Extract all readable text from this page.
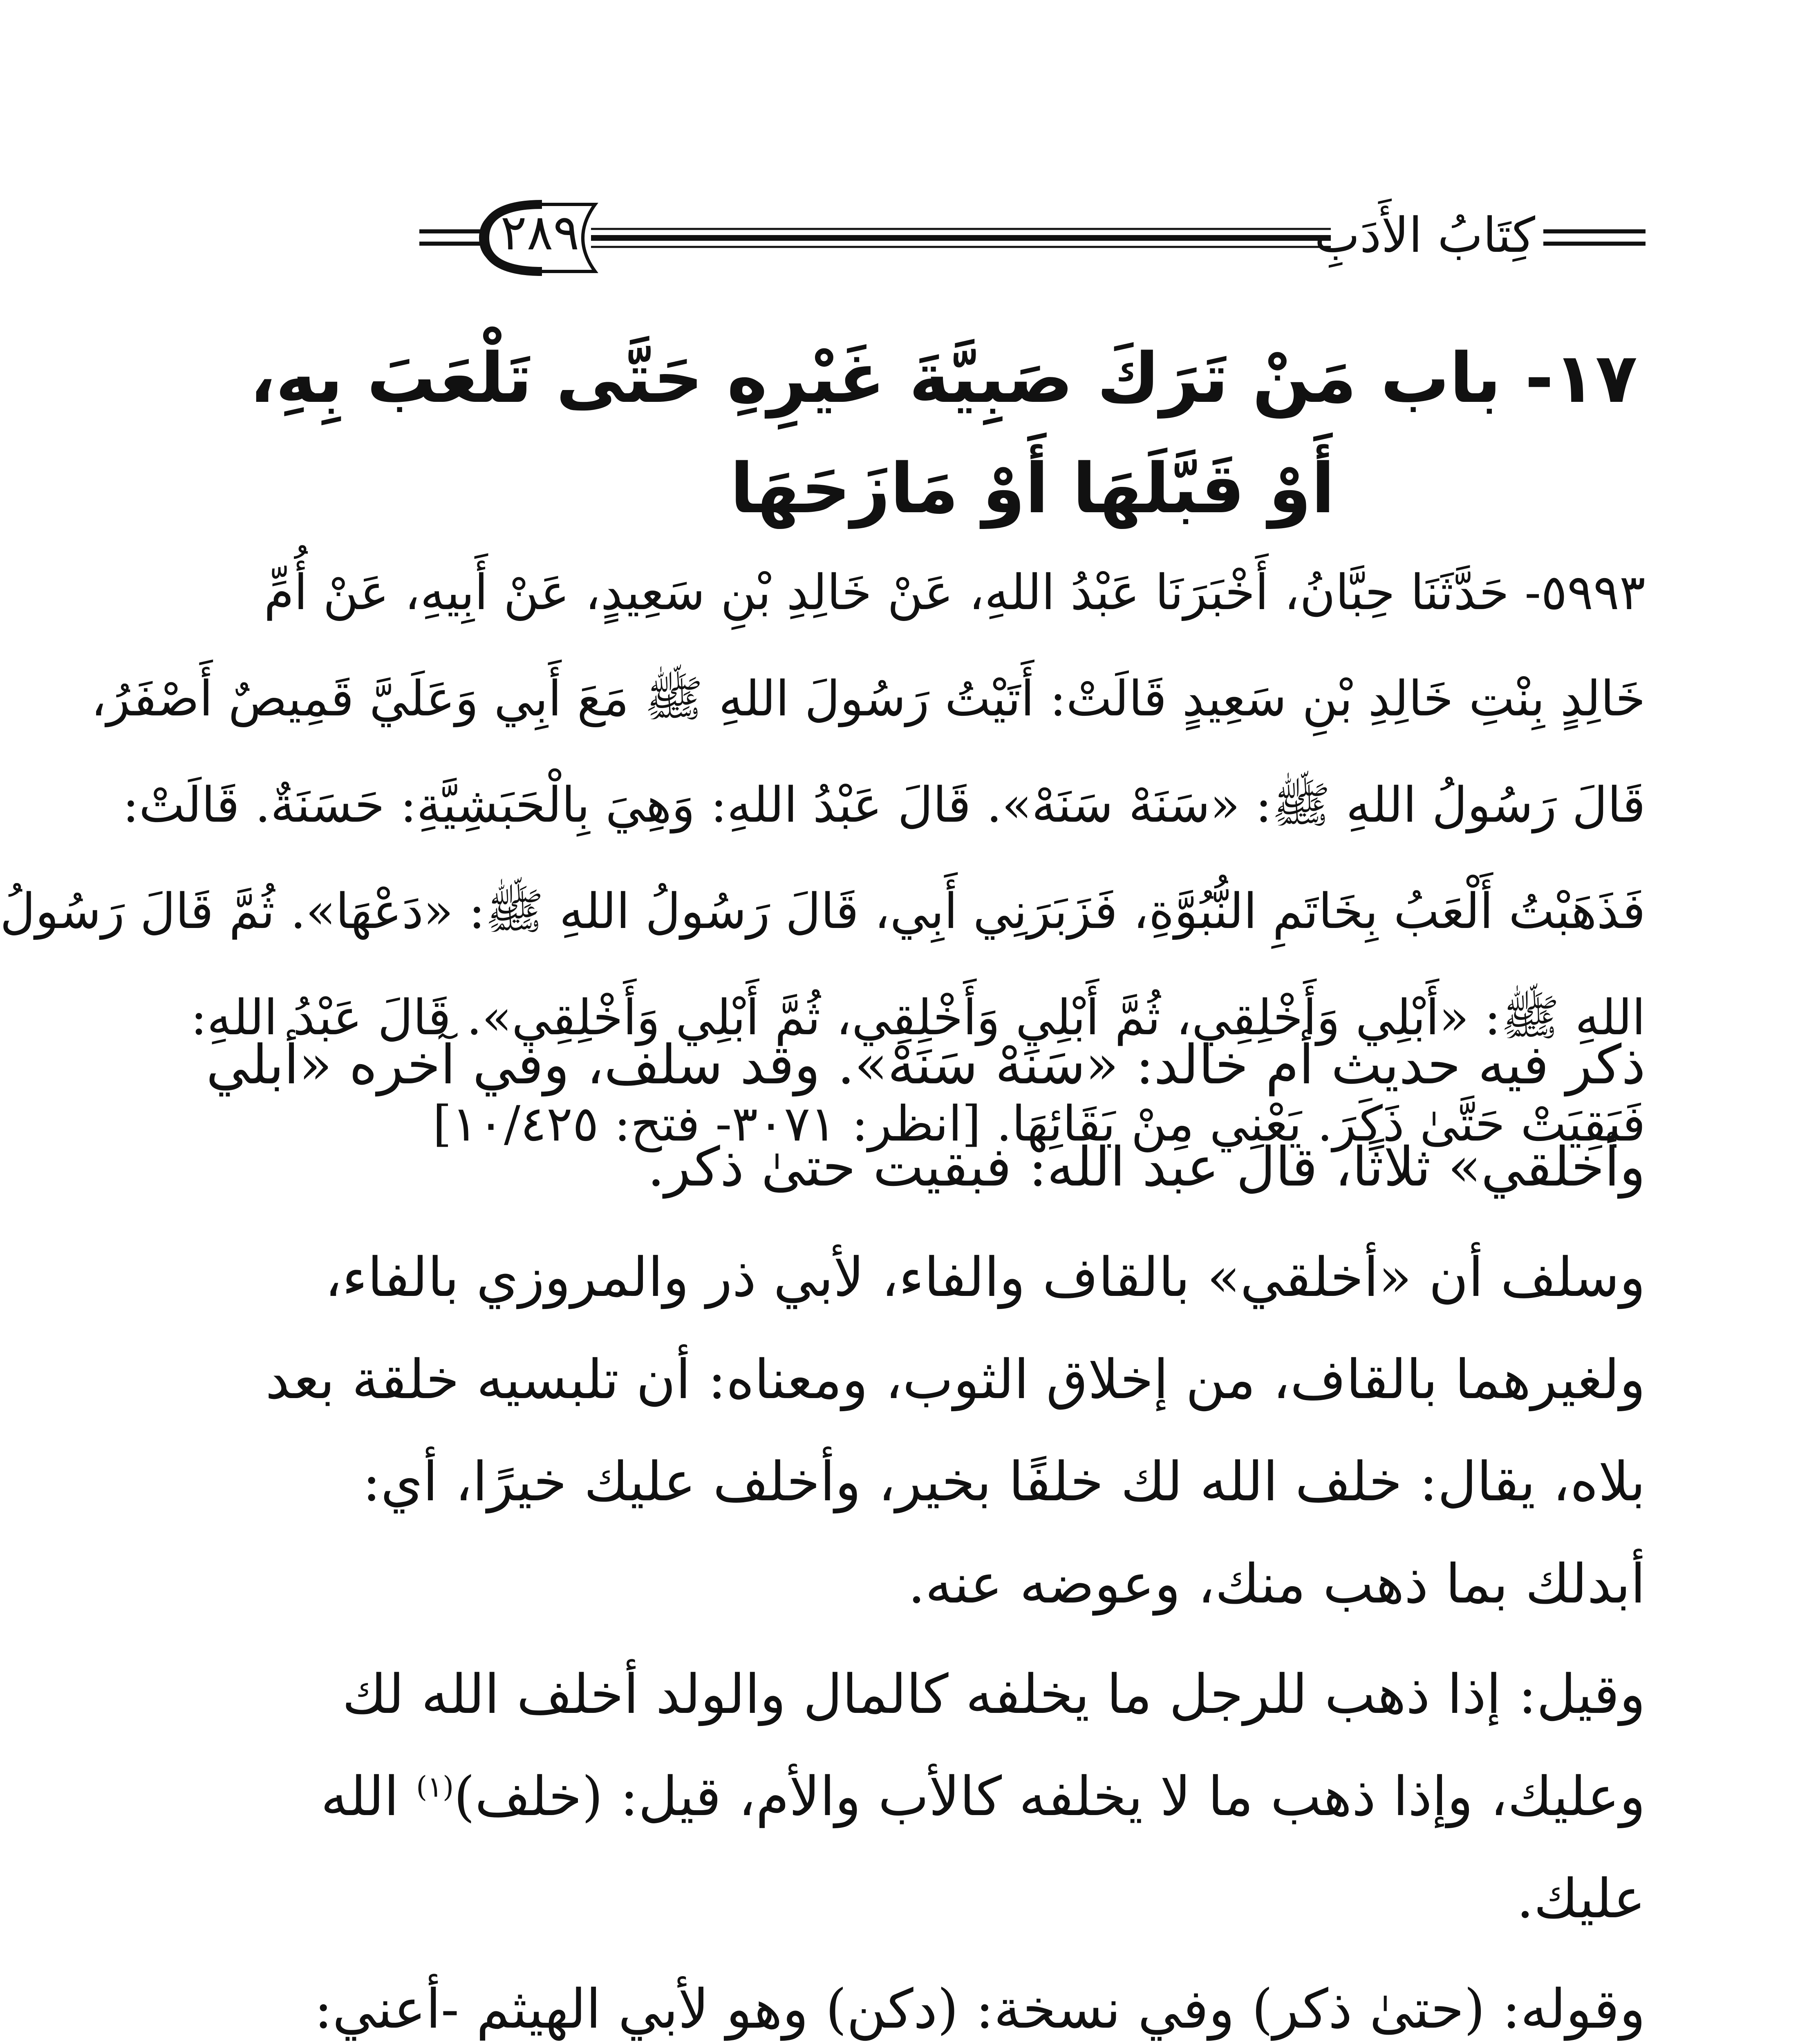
كِتَابُ الأَدَبِ
٢٨٩
١٧- باب مَنْ تَرَكَ صَبِيَّةَ غَيْرِهِ حَتَّى تَلْعَبَ بِهِ،
أَوْ قَبَّلَهَا أَوْ مَازَحَهَا
٥٩٩٣- حَدَّثَنَا حِبَّانُ، أَخْبَرَنَا عَبْدُ اللهِ، عَنْ خَالِدِ بْنِ سَعِيدٍ، عَنْ أَبِيهِ، عَنْ أُمِّ
خَالِدٍ بِنْتِ خَالِدِ بْنِ سَعِيدٍ قَالَتْ: أَتَيْتُ رَسُولَ اللهِ ﷺ مَعَ أَبِي وَعَلَيَّ قَمِيصٌ أَصْفَرُ،
قَالَ رَسُولُ اللهِ ﷺ: «سَنَهْ سَنَهْ». قَالَ عَبْدُ اللهِ: وَهِيَ بِالْحَبَشِيَّةِ: حَسَنَةٌ. قَالَتْ:
فَذَهَبْتُ أَلْعَبُ بِخَاتَمِ النُّبُوَّةِ، فَزَبَرَنِي أَبِي، قَالَ رَسُولُ اللهِ ﷺ: «دَعْهَا». ثُمَّ قَالَ رَسُولُ
اللهِ ﷺ: «أَبْلِي وَأَخْلِقِي، ثُمَّ أَبْلِي وَأَخْلِقِي، ثُمَّ أَبْلِي وَأَخْلِقِي». قَالَ عَبْدُ اللهِ:
فَبَقِيَتْ حَتَّىٰ ذَكَرَ. يَعْنِي مِنْ بَقَائِهَا. [انظر: ٣٠٧١- فتح: ١٠/٤٢٥]
ذكر فيه حديث أم خالد: «سَنَهْ سَنَهْ». وقد سلف، وفي آخره «أبلي
وأخلقي» ثلاثًا، قال عبد الله: فبقيت حتىٰ ذكر.
وسلف أن «أخلقي» بالقاف والفاء، لأبي ذر والمروزي بالفاء،
ولغيرهما بالقاف، من إخلاق الثوب، ومعناه: أن تلبسيه خلقة بعد
بلاه، يقال: خلف الله لك خلفًا بخير، وأخلف عليك خيرًا، أي:
أبدلك بما ذهب منك، وعوضه عنه.
وقيل: إذا ذهب للرجل ما يخلفه كالمال والولد أخلف الله لك
وعليك، وإذا ذهب ما لا يخلفه كالأب والأم، قيل: (خلف)$^{(١)}$ الله
عليك.
وقوله: (حتىٰ ذكر) وفي نسخة: (دكن) وهو لأبي الهيثم -أعني:
